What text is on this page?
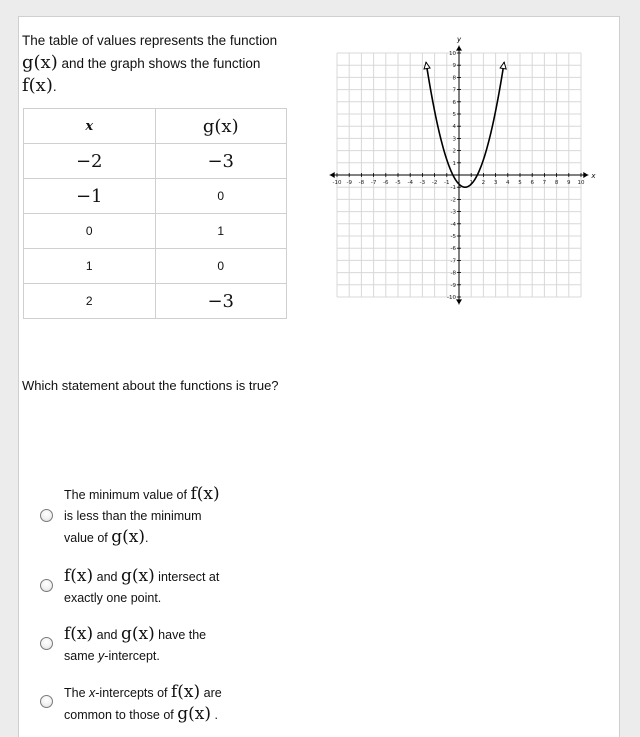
The table of values represents the function
g(x) and the graph shows the function
f(x).
x	g(x)
−2	−3
−1	0
0	1
1	0
2	−3
x
y
-10 -9 -8 -7 -6 -5 -4 -3 -2 -1	1 2 3 4 5 6 7 8 9 10
10
9
8
7
6
5
4
3
2
1
-1
-2
-3
-4
-5
-6
-7
-8
-9
-10
Which statement about the functions is true?
The minimum value of f(x)
is less than the minimum
value of g(x).
f(x) and g(x) intersect at
exactly one point.
f(x) and g(x) have the
same y-intercept.
The x-intercepts of f(x) are
common to those of g(x) .
